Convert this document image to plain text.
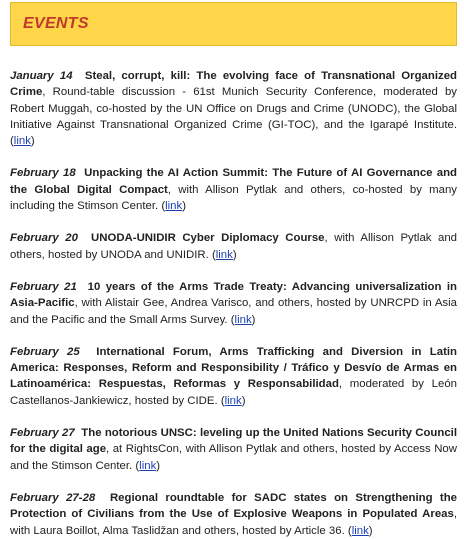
EVENTS

January 14 Steal, corrupt, kill: The evolving face of Transnational Organized Crime, Round-table discussion - 61st Munich Security Conference, moderated by Robert Muggah, co-hosted by the UN Office on Drugs and Crime (UNODC), the Global Initiative Against Transnational Organized Crime (GI-TOC), and the Igarapé Institute. (link)

February 18 Unpacking the AI Action Summit: The Future of AI Governance and the Global Digital Compact, with Allison Pytlak and others, co-hosted by many including the Stimson Center. (link)

February 20 UNODA-UNIDIR Cyber Diplomacy Course, with Allison Pytlak and others, hosted by UNODA and UNIDIR. (link)

February 21 10 years of the Arms Trade Treaty: Advancing universalization in Asia-Pacific, with Alistair Gee, Andrea Varisco, and others, hosted by UNRCPD in Asia and the Pacific and the Small Arms Survey. (link)

February 25 International Forum, Arms Trafficking and Diversion in Latin America: Responses, Reform and Responsibility / Tráfico y Desvío de Armas en Latinoamérica: Respuestas, Reformas y Responsabilidad, moderated by León Castellanos-Jankiewicz, hosted by CIDE. (link)

February 27 The notorious UNSC: leveling up the United Nations Security Council for the digital age, at RightsCon, with Allison Pytlak and others, hosted by Access Now and the Stimson Center. (link)

February 27-28 Regional roundtable for SADC states on Strengthening the Protection of Civilians from the Use of Explosive Weapons in Populated Areas, with Laura Boillot, Alma Taslidžan and others, hosted by Article 36. (link)
